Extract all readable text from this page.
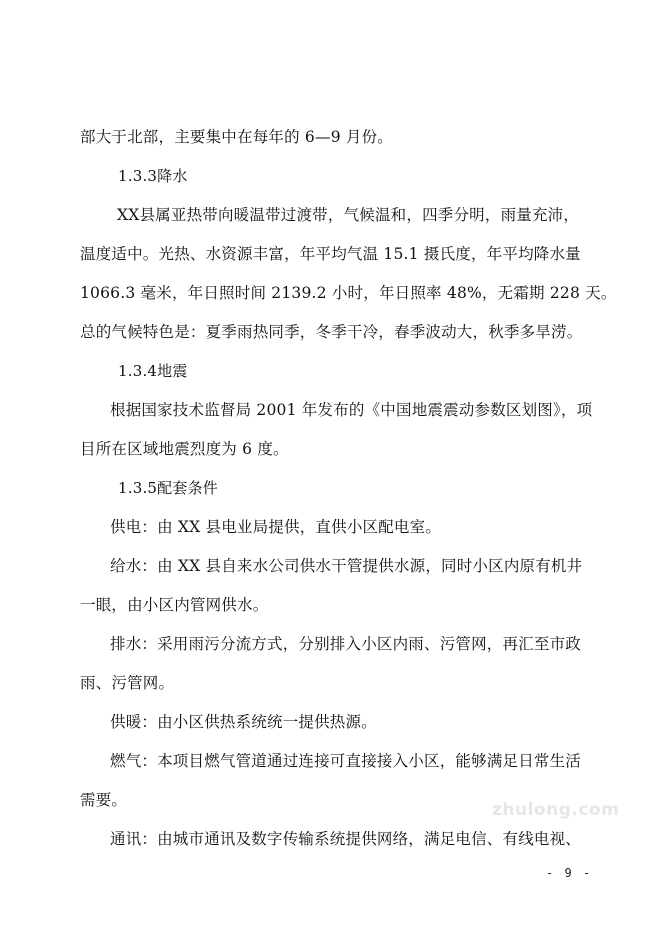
部大于北部，主要集中在每年的 6—9 月份。
1.3.3降水
XX县属亚热带向暖温带过渡带，气候温和，四季分明，雨量充沛，
温度适中。光热、水资源丰富，年平均气温 15.1 摄氏度，年平均降水量
1066.3 毫米，年日照时间 2139.2 小时，年日照率 48%，无霜期 228 天。
总的气候特色是：夏季雨热同季，冬季干冷，春季波动大，秋季多旱涝。
1.3.4地震
根据国家技术监督局 2001 年发布的《中国地震震动参数区划图》，项
目所在区域地震烈度为 6 度。
1.3.5配套条件
供电：由 XX 县电业局提供，直供小区配电室。
给水：由 XX 县自来水公司供水干管提供水源，同时小区内原有机井
一眼，由小区内管网供水。
排水：采用雨污分流方式，分别排入小区内雨、污管网，再汇至市政
雨、污管网。
供暖：由小区供热系统统一提供热源。
燃气：本项目燃气管道通过连接可直接接入小区，能够满足日常生活
需要。
通讯：由城市通讯及数字传输系统提供网络，满足电信、有线电视、
zhulong.com
- 9 -
